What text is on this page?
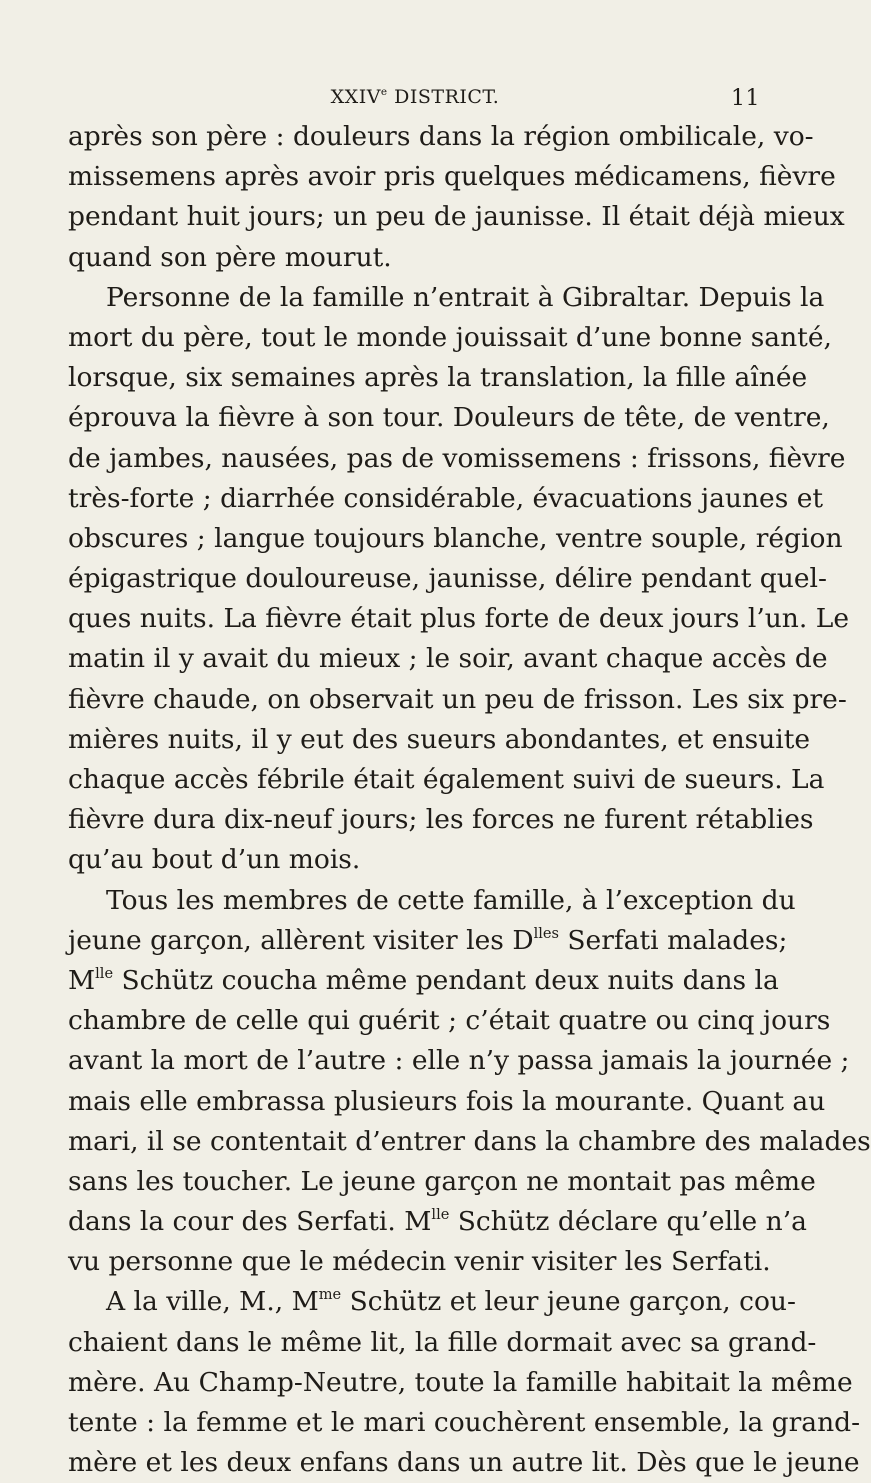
XXIVe DISTRICT.	11
après son père : douleurs dans la région ombilicale, vo-
missemens après avoir pris quelques médicamens, fièvre
pendant huit jours; un peu de jaunisse. Il était déjà mieux
quand son père mourut.
Personne de la famille n’entrait à Gibraltar. Depuis la
mort du père, tout le monde jouissait d’une bonne santé,
lorsque, six semaines après la translation, la fille aînée
éprouva la fièvre à son tour. Douleurs de tête, de ventre,
de jambes, nausées, pas de vomissemens : frissons, fièvre
très-forte ; diarrhée considérable, évacuations jaunes et
obscures ; langue toujours blanche, ventre souple, région
épigastrique douloureuse, jaunisse, délire pendant quel-
ques nuits. La fièvre était plus forte de deux jours l’un. Le
matin il y avait du mieux ; le soir, avant chaque accès de
fièvre chaude, on observait un peu de frisson. Les six pre-
mières nuits, il y eut des sueurs abondantes, et ensuite
chaque accès fébrile était également suivi de sueurs. La
fièvre dura dix-neuf jours; les forces ne furent rétablies
qu’au bout d’un mois.
Tous les membres de cette famille, à l’exception du
jeune garçon, allèrent visiter les $D^{lles}$ Serfati malades;
$M^{lle}$ Schütz coucha même pendant deux nuits dans la
chambre de celle qui guérit ; c’était quatre ou cinq jours
avant la mort de l’autre : elle n’y passa jamais la journée ;
mais elle embrassa plusieurs fois la mourante. Quant au
mari, il se contentait d’entrer dans la chambre des malades
sans les toucher. Le jeune garçon ne montait pas même
dans la cour des Serfati. $M^{lle}$ Schütz déclare qu’elle n’a
vu personne que le médecin venir visiter les Serfati.
A la ville, M., $M^{me}$ Schütz et leur jeune garçon, cou-
chaient dans le même lit, la fille dormait avec sa grand-
mère. Au Champ-Neutre, toute la famille habitait la même
tente : la femme et le mari couchèrent ensemble, la grand-
mère et les deux enfans dans un autre lit. Dès que le jeune
